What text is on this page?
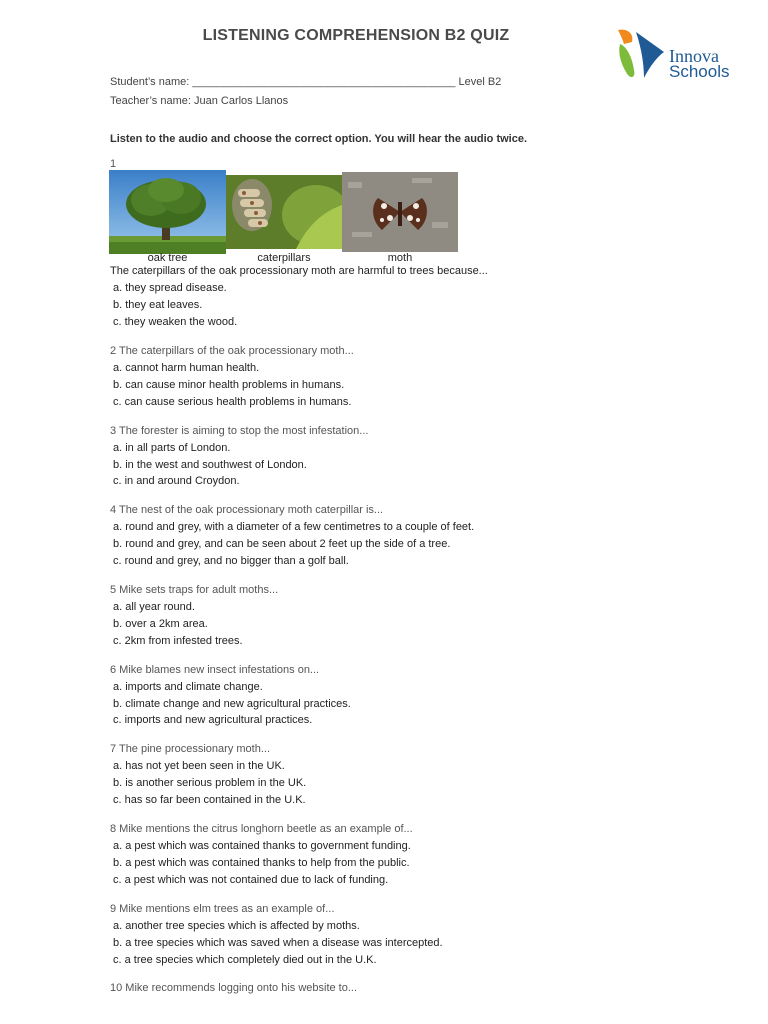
LISTENING COMPREHENSION B2 QUIZ
Innova
Schools
Student’s name: ___________________________________________ Level B2
Teacher’s name: Juan Carlos Llanos
Listen to the audio and choose the correct option. You will hear the audio twice.
1
oak tree	caterpillars	moth
The caterpillars of the oak processionary moth are harmful to trees because...
a. they spread disease.
b. they eat leaves.
c. they weaken the wood.
2 The caterpillars of the oak processionary moth...
a. cannot harm human health.
b. can cause minor health problems in humans.
c. can cause serious health problems in humans.
3 The forester is aiming to stop the most infestation...
a. in all parts of London.
b. in the west and southwest of London.
c. in and around Croydon.
4 The nest of the oak processionary moth caterpillar is...
a. round and grey, with a diameter of a few centimetres to a couple of feet.
b. round and grey, and can be seen about 2 feet up the side of a tree.
c. round and grey, and no bigger than a golf ball.
5 Mike sets traps for adult moths...
a. all year round.
b. over a 2km area.
c. 2km from infested trees.
6 Mike blames new insect infestations on...
a. imports and climate change.
b. climate change and new agricultural practices.
c. imports and new agricultural practices.
7 The pine processionary moth...
a. has not yet been seen in the UK.
b. is another serious problem in the UK.
c. has so far been contained in the U.K.
8 Mike mentions the citrus longhorn beetle as an example of...
a. a pest which was contained thanks to government funding.
b. a pest which was contained thanks to help from the public.
c. a pest which was not contained due to lack of funding.
9 Mike mentions elm trees as an example of...
a. another tree species which is affected by moths.
b. a tree species which was saved when a disease was intercepted.
c. a tree species which completely died out in the U.K.
10 Mike recommends logging onto his website to...
